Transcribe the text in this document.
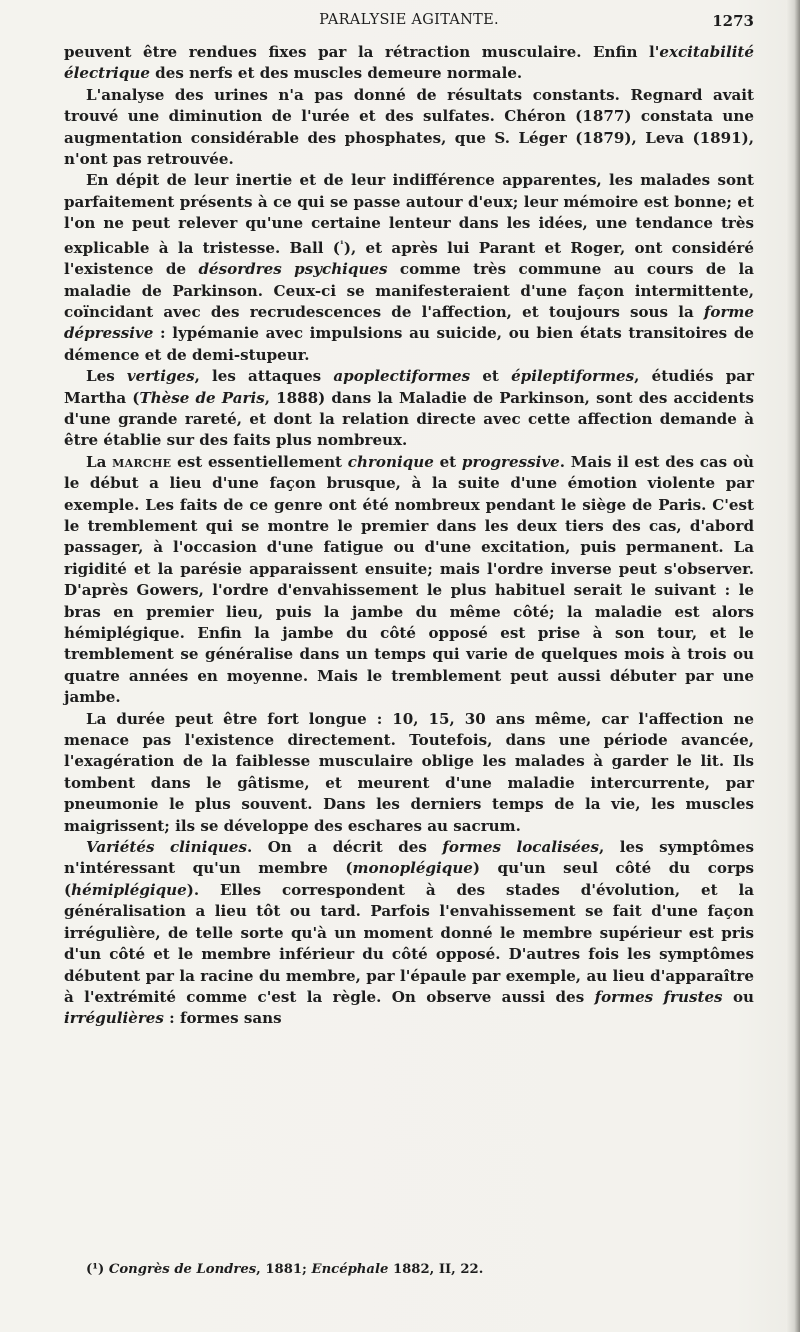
PARALYSIE AGITANTE.	1273

peuvent être rendues fixes par la rétraction musculaire. Enfin l'excitabilité électrique des nerfs et des muscles demeure normale.

L'analyse des urines n'a pas donné de résultats constants. Regnard avait trouvé une diminution de l'urée et des sulfates. Chéron (1877) constata une augmentation considérable des phosphates, que S. Léger (1879), Leva (1891), n'ont pas retrouvée.

En dépit de leur inertie et de leur indifférence apparentes, les malades sont parfaitement présents à ce qui se passe autour d'eux; leur mémoire est bonne; et l'on ne peut relever qu'une certaine lenteur dans les idées, une tendance très explicable à la tristesse. Ball ($^{^1}$), et après lui Parant et Roger, ont considéré l'existence de désordres psychiques comme très commune au cours de la maladie de Parkinson. Ceux-ci se manifesteraient d'une façon intermittente, coïncidant avec des recrudescences de l'affection, et toujours sous la forme dépressive : lypémanie avec impulsions au suicide, ou bien états transitoires de démence et de demi-stupeur.

Les vertiges, les attaques apoplectiformes et épileptiformes, étudiés par Martha (Thèse de Paris, 1888) dans la Maladie de Parkinson, sont des accidents d'une grande rareté, et dont la relation directe avec cette affection demande à être établie sur des faits plus nombreux.

La marche est essentiellement chronique et progressive. Mais il est des cas où le début a lieu d'une façon brusque, à la suite d'une émotion violente par exemple. Les faits de ce genre ont été nombreux pendant le siège de Paris. C'est le tremblement qui se montre le premier dans les deux tiers des cas, d'abord passager, à l'occasion d'une fatigue ou d'une excitation, puis permanent. La rigidité et la parésie apparaissent ensuite; mais l'ordre inverse peut s'observer. D'après Gowers, l'ordre d'envahissement le plus habituel serait le suivant : le bras en premier lieu, puis la jambe du même côté; la maladie est alors hémiplégique. Enfin la jambe du côté opposé est prise à son tour, et le tremblement se généralise dans un temps qui varie de quelques mois à trois ou quatre années en moyenne. Mais le tremblement peut aussi débuter par une jambe.

La durée peut être fort longue : 10, 15, 30 ans même, car l'affection ne menace pas l'existence directement. Toutefois, dans une période avancée, l'exagération de la faiblesse musculaire oblige les malades à garder le lit. Ils tombent dans le gâtisme, et meurent d'une maladie intercurrente, par pneumonie le plus souvent. Dans les derniers temps de la vie, les muscles maigrissent; ils se développe des eschares au sacrum.

Variétés cliniques. On a décrit des formes localisées, les symptômes n'intéressant qu'un membre (monoplégique) qu'un seul côté du corps (hémiplégique). Elles correspondent à des stades d'évolution, et la généralisation a lieu tôt ou tard. Parfois l'envahissement se fait d'une façon irrégulière, de telle sorte qu'à un moment donné le membre supérieur est pris d'un côté et le membre inférieur du côté opposé. D'autres fois les symptômes débutent par la racine du membre, par l'épaule par exemple, au lieu d'apparaître à l'extrémité comme c'est la règle. On observe aussi des formes frustes ou irrégulières : formes sans

(¹) Congrès de Londres, 1881; Encéphale 1882, II, 22.
